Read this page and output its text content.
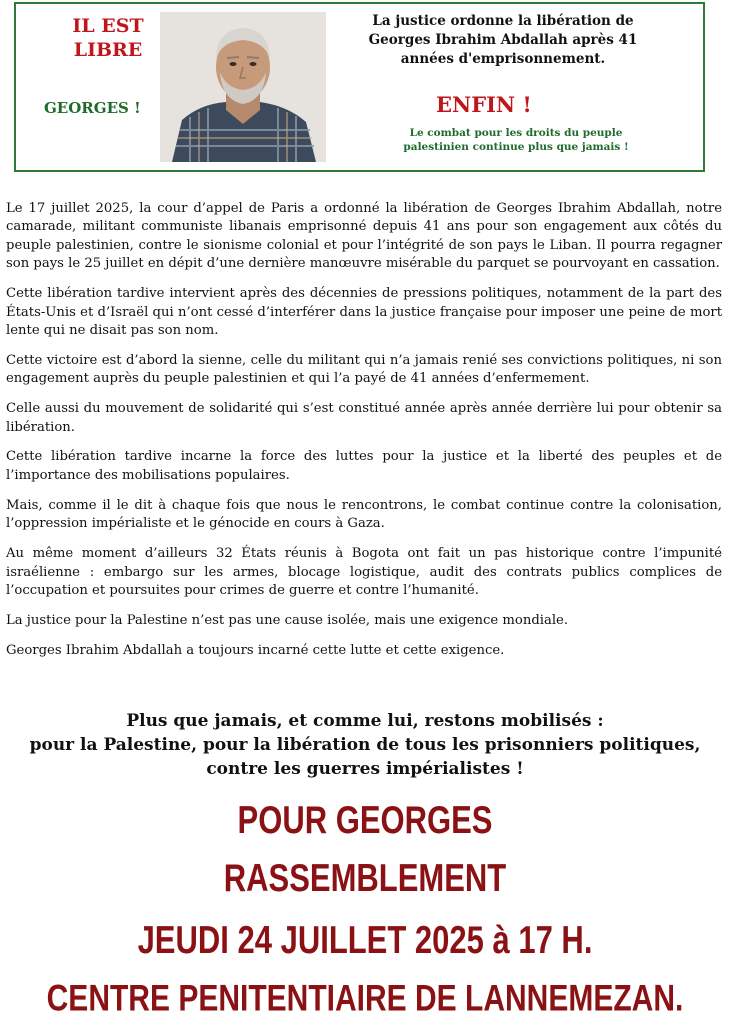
IL EST
LIBRE
GEORGES !
La justice ordonne la libération de
Georges Ibrahim Abdallah après 41
années d'emprisonnement.
ENFIN !
Le combat pour les droits du peuple
palestinien continue plus que jamais !

Le 17 juillet 2025, la cour d’appel de Paris a ordonné la libération de Georges Ibrahim Abdallah, notre camarade, militant communiste libanais emprisonné depuis 41 ans pour son engagement aux côtés du peuple palestinien, contre le sionisme colonial et pour l’intégrité de son pays le Liban. Il pourra regagner son pays le 25 juillet en dépit d’une dernière manœuvre misérable du parquet se pourvoyant en cassation.

Cette libération tardive intervient après des décennies de pressions politiques, notamment de la part des États-Unis et d’Israël qui n’ont cessé d’interférer dans la justice française pour imposer une peine de mort lente qui ne disait pas son nom.

Cette victoire est d’abord la sienne, celle du militant qui n’a jamais renié ses convictions politiques, ni son engagement auprès du peuple palestinien et qui l’a payé de 41 années d’enfermement.

Celle aussi du mouvement de solidarité qui s’est constitué année après année derrière lui pour obtenir sa libération.

Cette libération tardive incarne la force des luttes pour la justice et la liberté des peuples et de l’importance des mobilisations populaires.

Mais, comme il le dit à chaque fois que nous le rencontrons, le combat continue contre la colonisation, l’oppression impérialiste et le génocide en cours à Gaza.

Au même moment d’ailleurs 32 États réunis à Bogota ont fait un pas historique contre l’impunité israélienne : embargo sur les armes, blocage logistique, audit des contrats publics complices de l’occupation et poursuites pour crimes de guerre et contre l’humanité.

La justice pour la Palestine n’est pas une cause isolée, mais une exigence mondiale.

Georges Ibrahim Abdallah a toujours incarné cette lutte et cette exigence.

Plus que jamais, et comme lui, restons mobilisés :
pour la Palestine, pour la libération de tous les prisonniers politiques,
contre les guerres impérialistes !
POUR GEORGES
RASSEMBLEMENT
JEUDI 24 JUILLET 2025 à 17 H.
CENTRE PENITENTIAIRE DE LANNEMEZAN.
